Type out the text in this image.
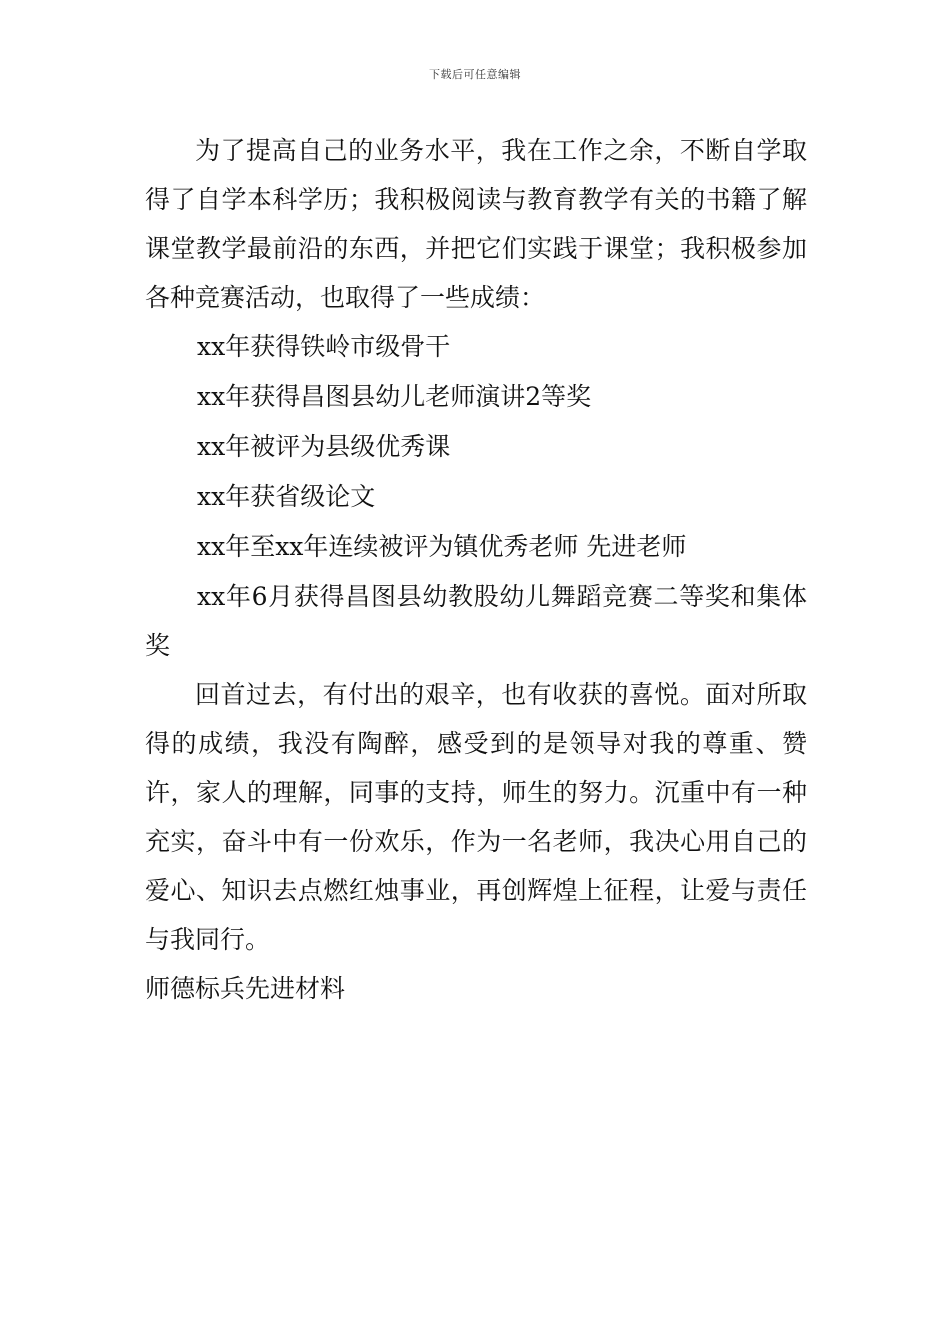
下载后可任意编辑

为了提高自己的业务水平，我在工作之余，不断自学取得了自学本科学历；我积极阅读与教育教学有关的书籍了解课堂教学最前沿的东西，并把它们实践于课堂；我积极参加各种竞赛活动，也取得了一些成绩：

xx年获得铁岭市级骨干

xx年获得昌图县幼儿老师演讲2等奖

xx年被评为县级优秀课

xx年获省级论文

xx年至xx年连续被评为镇优秀老师 先进老师

xx年6月获得昌图县幼教股幼儿舞蹈竞赛二等奖和集体奖

回首过去，有付出的艰辛，也有收获的喜悦。面对所取得的成绩，我没有陶醉，感受到的是领导对我的尊重、赞许，家人的理解，同事的支持，师生的努力。沉重中有一种充实，奋斗中有一份欢乐，作为一名老师，我决心用自己的爱心、知识去点燃红烛事业，再创辉煌上征程，让爱与责任与我同行。

师德标兵先进材料
